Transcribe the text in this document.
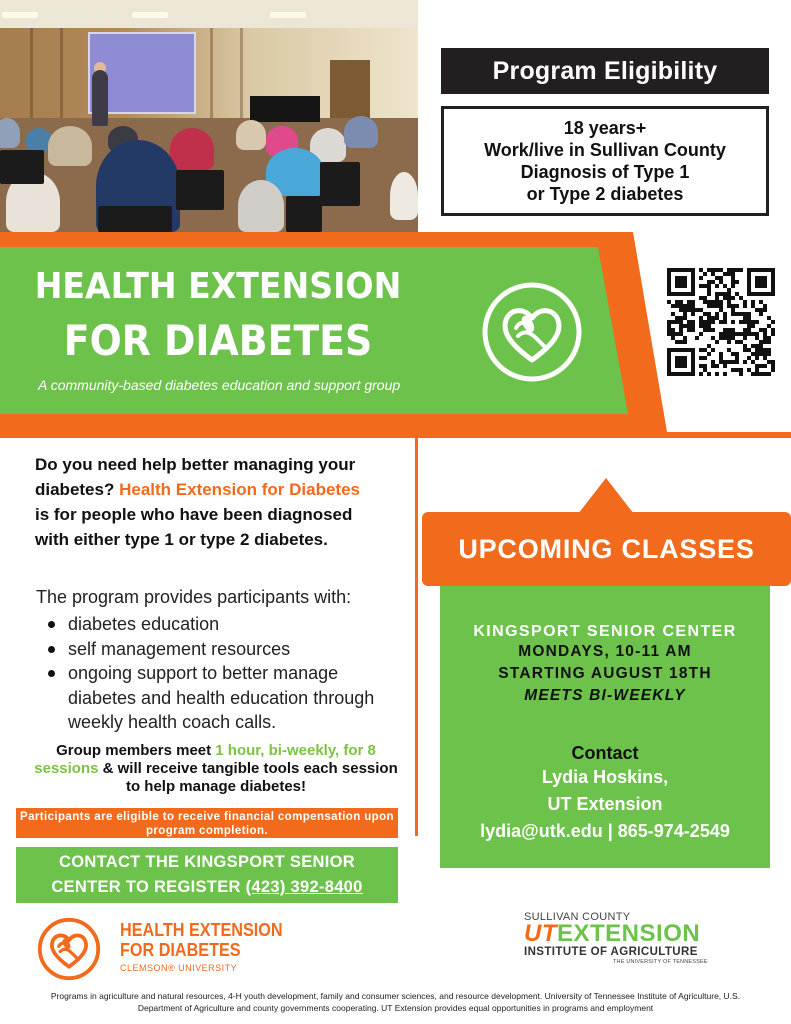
Program Eligibility
18 years+
Work/live in Sullivan County
Diagnosis of Type 1
or Type 2 diabetes
HEALTH EXTENSION
FOR DIABETES
A community-based diabetes education and support group
Do you need help better managing your diabetes? Health Extension for Diabetes is for people who have been diagnosed with either type 1 or type 2 diabetes.
The program provides participants with:
diabetes education
self management resources
ongoing support to better manage diabetes and health education through weekly health coach calls.
Group members meet 1 hour, bi-weekly, for 8 sessions & will receive tangible tools each session to help manage diabetes!
Participants are eligible to receive financial compensation upon program completion.
CONTACT THE KINGSPORT SENIOR
CENTER TO REGISTER (423) 392-8400
UPCOMING CLASSES
KINGSPORT SENIOR CENTER
MONDAYS, 10-11 AM
STARTING AUGUST 18TH
MEETS BI-WEEKLY
Contact
Lydia Hoskins,
UT Extension
lydia@utk.edu | 865-974-2549
HEALTH EXTENSION
FOR DIABETES
CLEMSON® UNIVERSITY
SULLIVAN COUNTY
UTEXTENSION
INSTITUTE OF AGRICULTURE
THE UNIVERSITY OF TENNESSEE
Programs in agriculture and natural resources, 4-H youth development, family and consumer sciences, and resource development. University of Tennessee Institute of Agriculture, U.S. Department of Agriculture and county governments cooperating. UT Extension provides equal opportunities in programs and employment
